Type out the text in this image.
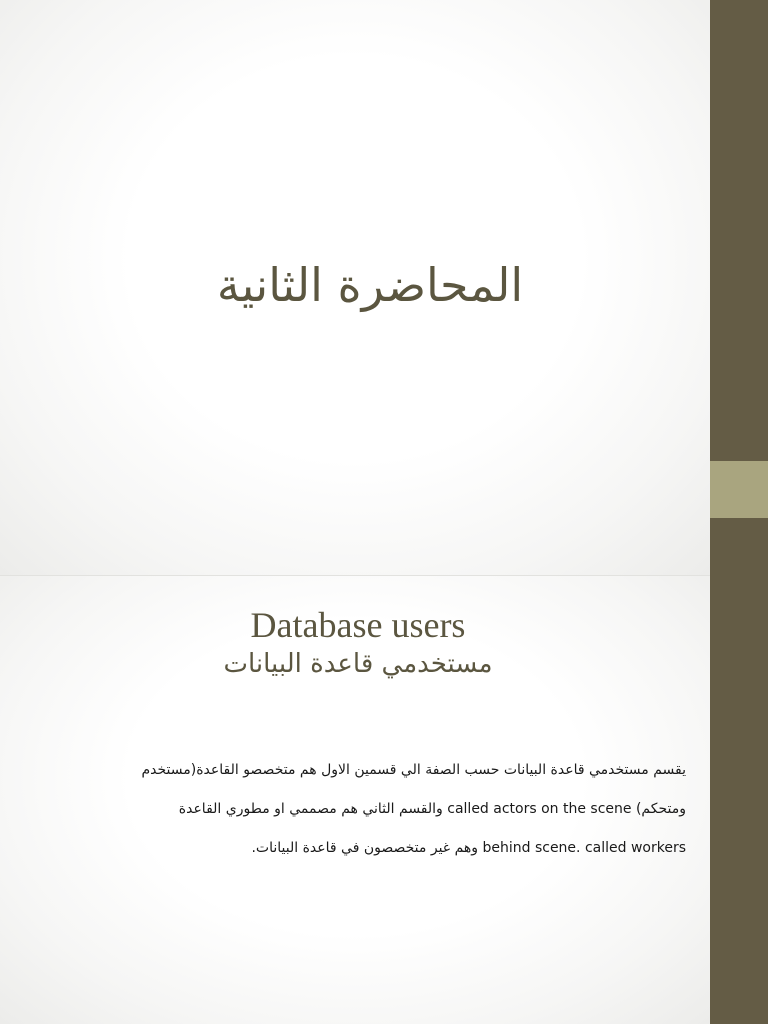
المحاضرة الثانية
Database users
مستخدمي قاعدة البيانات
يقسم مستخدمي قاعدة البيانات حسب الصفة الي قسمين الاول هم متخصصو القاعدة(مستخدم
ومتحكم) called actors on the scene والقسم الثاني هم مصممي او مطوري القاعدة
behind scene. called workers وهم غير متخصصون في قاعدة البيانات.
